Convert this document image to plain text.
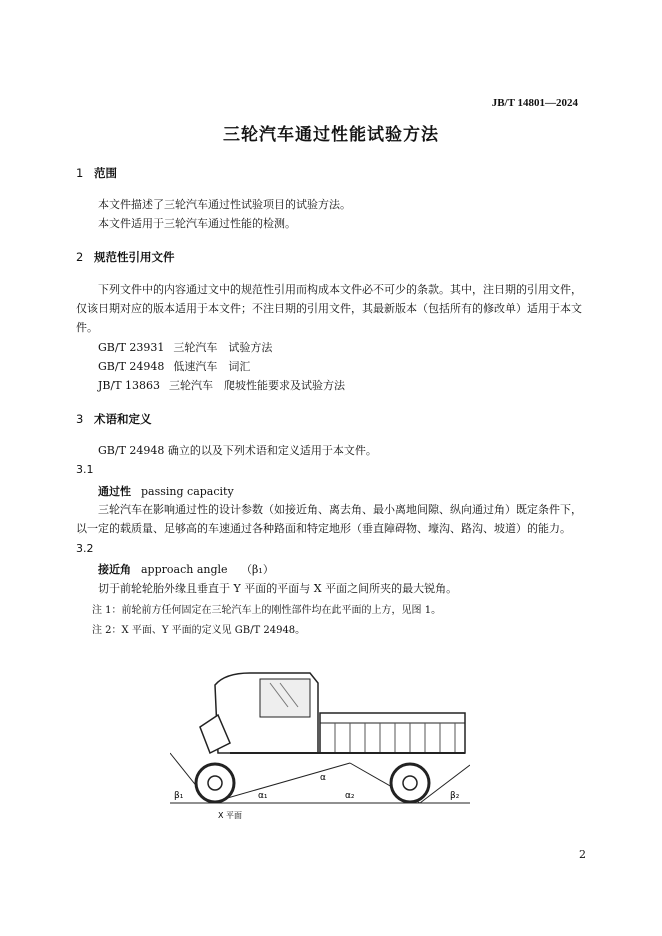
JB/T 14801—2024
三轮汽车通过性能试验方法
1 范围
本文件描述了三轮汽车通过性试验项目的试验方法。
本文件适用于三轮汽车通过性能的检测。
2 规范性引用文件
下列文件中的内容通过文中的规范性引用而构成本文件必不可少的条款。其中，注日期的引用文件，仅该日期对应的版本适用于本文件；不注日期的引用文件，其最新版本（包括所有的修改单）适用于本文件。
GB/T 23931 三轮汽车　试验方法
GB/T 24948 低速汽车　词汇
JB/T 13863 三轮汽车　爬坡性能要求及试验方法
3 术语和定义
GB/T 24948 确立的以及下列术语和定义适用于本文件。
3.1
通过性 passing capacity
三轮汽车在影响通过性的设计参数（如接近角、离去角、最小离地间隙、纵向通过角）既定条件下，以一定的载质量、足够高的车速通过各种路面和特定地形（垂直障碍物、壕沟、路沟、坡道）的能力。
3.2
接近角 approach angle （β₁）
切于前轮轮胎外缘且垂直于 Y 平面的平面与 X 平面之间所夹的最大锐角。
注 1：前轮前方任何固定在三轮汽车上的刚性部件均在此平面的上方，见图 1。
注 2：X 平面、Y 平面的定义见 GB/T 24948。
β₁	α₁
α
α₂	β₂
X 平面
2
